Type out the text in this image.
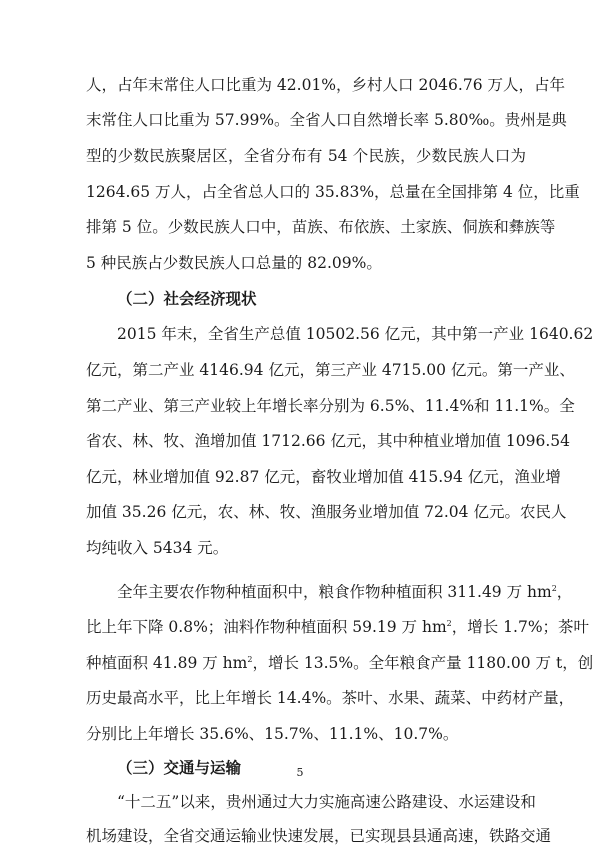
人，占年末常住人口比重为 42.01%，乡村人口 2046.76 万人，占年
末常住人口比重为 57.99%。全省人口自然增长率 5.80‰。贵州是典
型的少数民族聚居区，全省分布有 54 个民族，少数民族人口为
1264.65 万人，占全省总人口的 35.83%，总量在全国排第 4 位，比重
排第 5 位。少数民族人口中，苗族、布依族、土家族、侗族和彝族等
5 种民族占少数民族人口总量的 82.09%。
（二）社会经济现状
2015 年末，全省生产总值 10502.56 亿元，其中第一产业 1640.62
亿元，第二产业 4146.94 亿元，第三产业 4715.00 亿元。第一产业、
第二产业、第三产业较上年增长率分别为 6.5%、11.4%和 11.1%。全
省农、林、牧、渔增加值 1712.66 亿元，其中种植业增加值 1096.54
亿元，林业增加值 92.87 亿元，畜牧业增加值 415.94 亿元，渔业增
加值 35.26 亿元，农、林、牧、渔服务业增加值 72.04 亿元。农民人
均纯收入 5434 元。
全年主要农作物种植面积中，粮食作物种植面积 311.49 万 $hm^2$，
比上年下降 0.8%；油料作物种植面积 59.19 万 $hm^2$，增长 1.7%；茶叶
种植面积 41.89 万 $hm^2$，增长 13.5%。全年粮食产量 1180.00 万 t，创
历史最高水平，比上年增长 14.4%。茶叶、水果、蔬菜、中药材产量，
分别比上年增长 35.6%、15.7%、11.1%、10.7%。
（三）交通与运输
“十二五”以来，贵州通过大力实施高速公路建设、水运建设和
机场建设，全省交通运输业快速发展，已实现县县通高速，铁路交通
5
